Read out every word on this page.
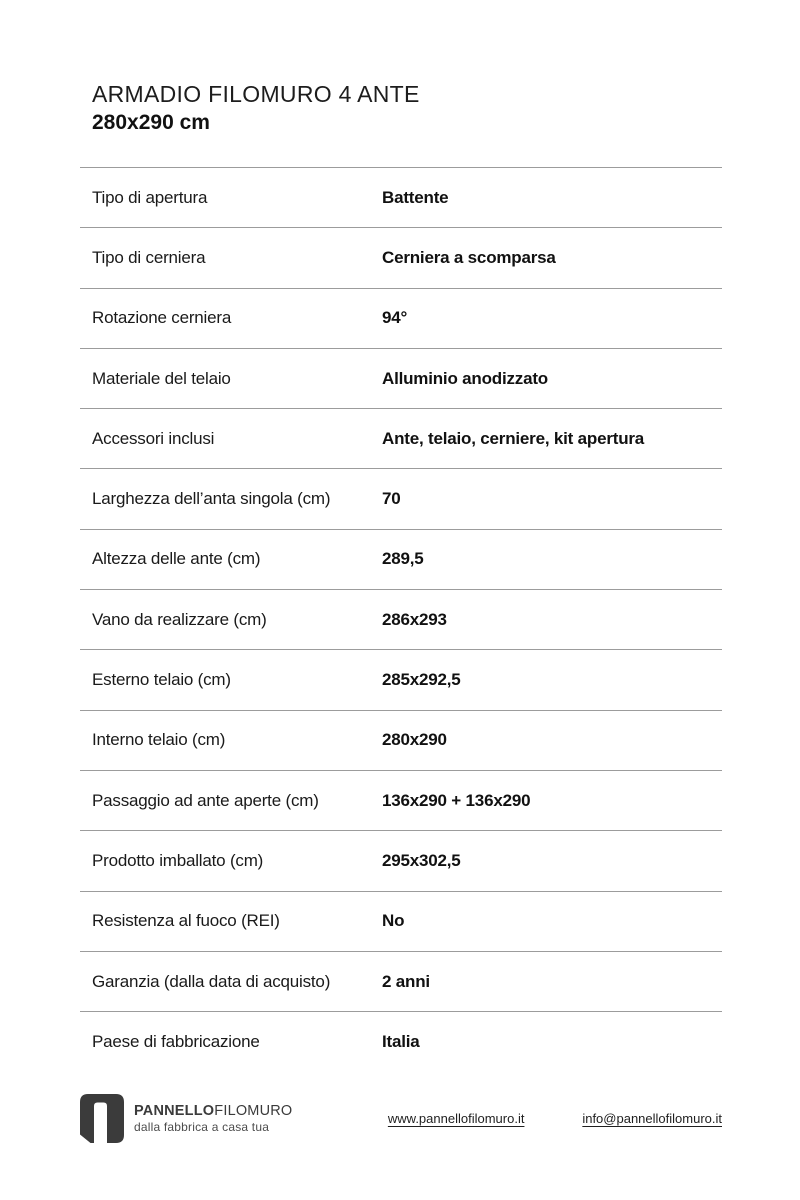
ARMADIO FILOMURO 4 ANTE
280x290 cm
Tipo di apertura	Battente
Tipo di cerniera	Cerniera a scomparsa
Rotazione cerniera	94°
Materiale del telaio	Alluminio anodizzato
Accessori inclusi	Ante, telaio, cerniere, kit apertura
Larghezza dell’anta singola (cm)	70
Altezza delle ante (cm)	289,5
Vano da realizzare (cm)	286x293
Esterno telaio (cm)	285x292,5
Interno telaio (cm)	280x290
Passaggio ad ante aperte (cm)	136x290 + 136x290
Prodotto imballato (cm)	295x302,5
Resistenza al fuoco (REI)	No
Garanzia (dalla data di acquisto)	2 anni
Paese di fabbricazione	Italia
PANNELLOFILOMURO
dalla fabbrica a casa tua
www.pannellofilomuro.it	info@pannellofilomuro.it
